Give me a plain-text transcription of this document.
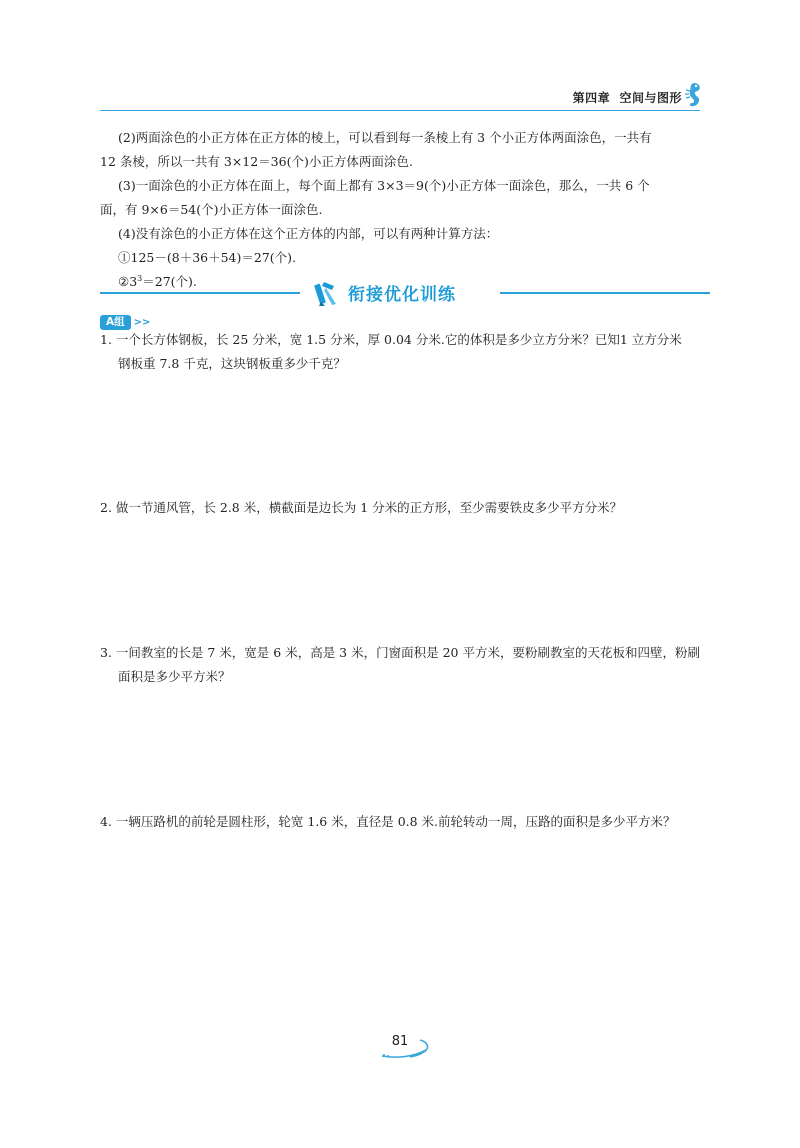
第四章 空间与图形

(2)两面涂色的小正方体在正方体的棱上，可以看到每一条棱上有 3 个小正方体两面涂色，一共有

12 条棱，所以一共有 3×12＝36(个)小正方体两面涂色.

(3)一面涂色的小正方体在面上，每个面上都有 3×3＝9(个)小正方体一面涂色，那么，一共 6 个

面，有 9×6＝54(个)小正方体一面涂色.

(4)没有涂色的小正方体在这个正方体的内部，可以有两种计算方法：

①125－(8＋36＋54)＝27(个).

$②3^3=27$(个).

衔接优化训练
A组 >>

1. 一个长方体钢板，长 25 分米，宽 1.5 分米，厚 0.04 分米.它的体积是多少立方分米？已知1 立方分米

钢板重 7.8 千克，这块钢板重多少千克？

2. 做一节通风管，长 2.8 米，横截面是边长为 1 分米的正方形，至少需要铁皮多少平方分米？

3. 一间教室的长是 7 米，宽是 6 米，高是 3 米，门窗面积是 20 平方米，要粉刷教室的天花板和四壁，粉刷

面积是多少平方米？

4. 一辆压路机的前轮是圆柱形，轮宽 1.6 米，直径是 0.8 米.前轮转动一周，压路的面积是多少平方米？

81
